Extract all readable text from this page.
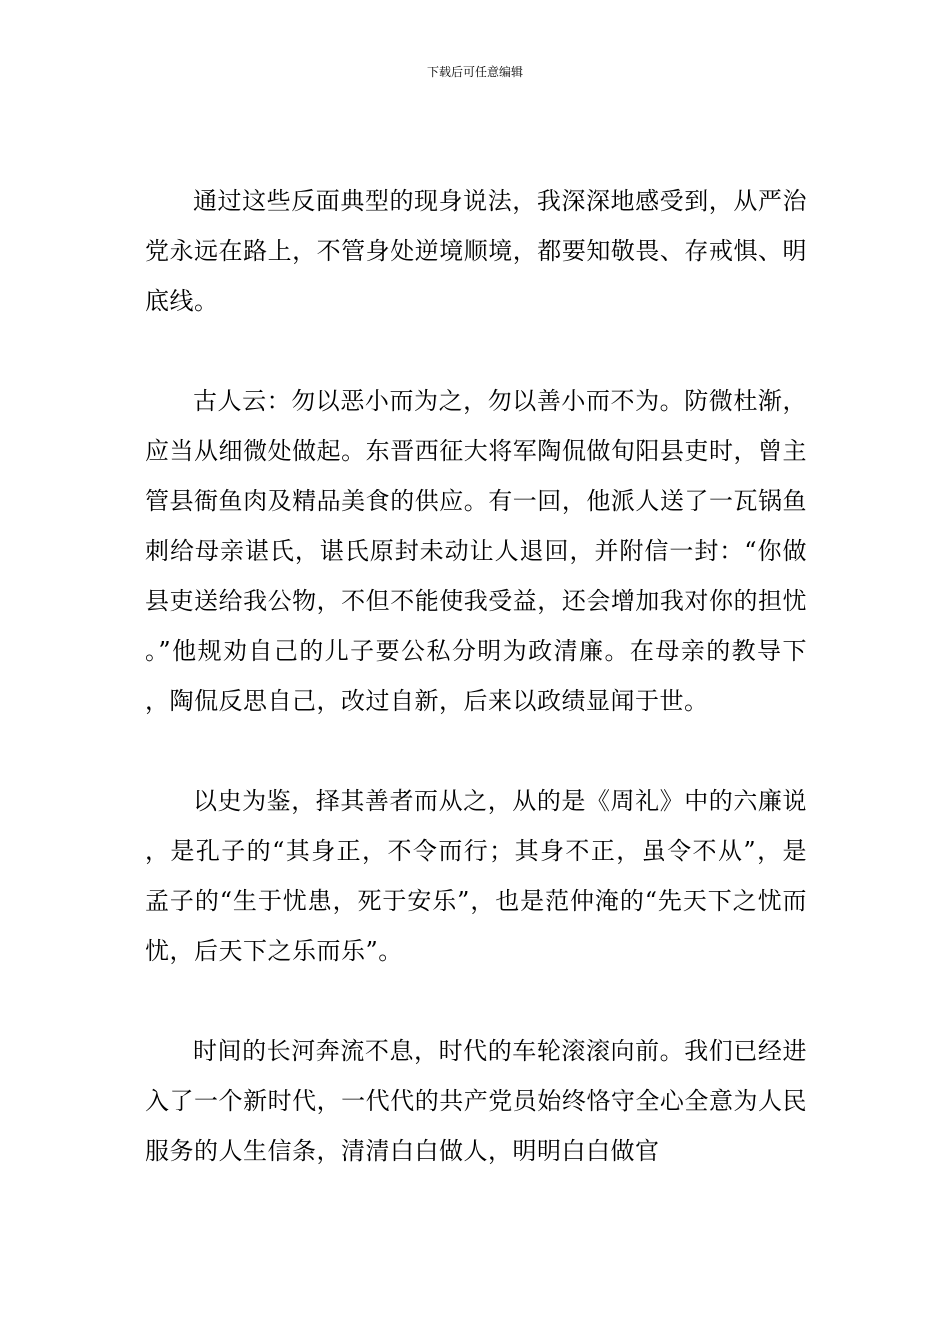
下载后可任意编辑

通过这些反面典型的现身说法，我深深地感受到，从严治党永远在路上，不管身处逆境顺境，都要知敬畏、存戒惧、明底线。

古人云：勿以恶小而为之，勿以善小而不为。防微杜渐，应当从细微处做起。东晋西征大将军陶侃做旬阳县吏时，曾主管县衙鱼肉及精品美食的供应。有一回，他派人送了一瓦锅鱼刺给母亲谌氏，谌氏原封未动让人退回，并附信一封：“你做县吏送给我公物，不但不能使我受益，还会增加我对你的担忧。”他规劝自己的儿子要公私分明为政清廉。在母亲的教导下，陶侃反思自己，改过自新，后来以政绩显闻于世。

以史为鉴，择其善者而从之，从的是《周礼》中的六廉说，是孔子的“其身正，不令而行；其身不正，虽令不从”，是孟子的“生于忧患，死于安乐”，也是范仲淹的“先天下之忧而忧，后天下之乐而乐”。

时间的长河奔流不息，时代的车轮滚滚向前。我们已经进入了一个新时代，一代代的共产党员始终恪守全心全意为人民服务的人生信条，清清白白做人，明明白白做官
